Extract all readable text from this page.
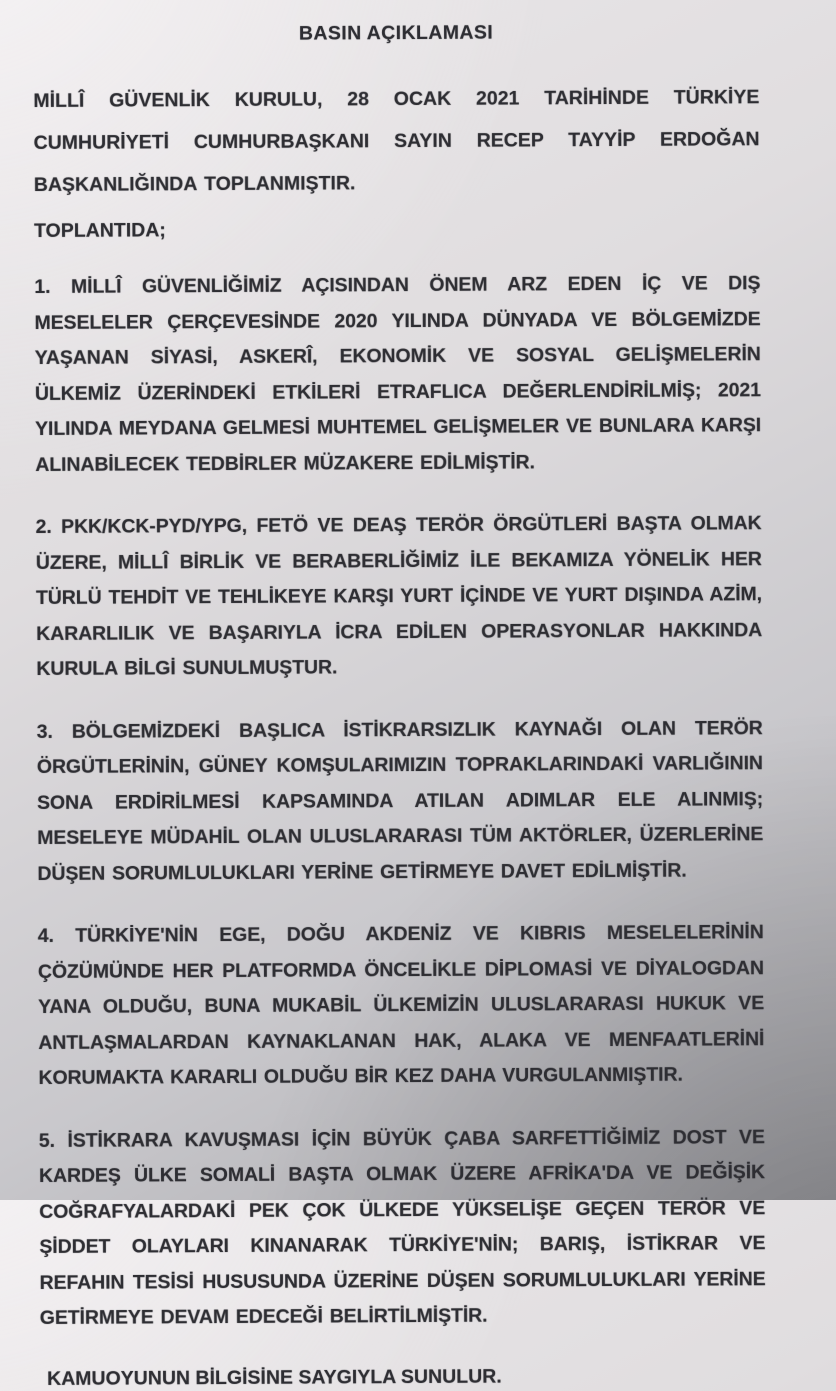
BASIN AÇIKLAMASI

MİLLÎ GÜVENLİK KURULU, 28 OCAK 2021 TARİHİNDE TÜRKİYE CUMHURİYETİ CUMHURBAŞKANI SAYIN RECEP TAYYİP ERDOĞAN BAŞKANLIĞINDA TOPLANMIŞTIR.

TOPLANTIDA;

1. MİLLÎ GÜVENLİĞİMİZ AÇISINDAN ÖNEM ARZ EDEN İÇ VE DIŞ MESELELER ÇERÇEVESİNDE 2020 YILINDA DÜNYADA VE BÖLGEMİZDE YAŞANAN SİYASİ, ASKERÎ, EKONOMİK VE SOSYAL GELİŞMELERİN ÜLKEMİZ ÜZERİNDEKİ ETKİLERİ ETRAFLICA DEĞERLENDİRİLMİŞ; 2021 YILINDA MEYDANA GELMESİ MUHTEMEL GELİŞMELER VE BUNLARA KARŞI ALINABİLECEK TEDBİRLER MÜZAKERE EDİLMİŞTİR.

2. PKK/KCK-PYD/YPG, FETÖ VE DEAŞ TERÖR ÖRGÜTLERİ BAŞTA OLMAK ÜZERE, MİLLÎ BİRLİK VE BERABERLİĞİMİZ İLE BEKAMIZA YÖNELİK HER TÜRLÜ TEHDİT VE TEHLİKEYE KARŞI YURT İÇİNDE VE YURT DIŞINDA AZİM, KARARLILIK VE BAŞARIYLA İCRA EDİLEN OPERASYONLAR HAKKINDA KURULA BİLGİ SUNULMUŞTUR.

3. BÖLGEMİZDEKİ BAŞLICA İSTİKRARSIZLIK KAYNAĞI OLAN TERÖR ÖRGÜTLERİNİN, GÜNEY KOMŞULARIMIZIN TOPRAKLARINDAKİ VARLIĞININ SONA ERDİRİLMESİ KAPSAMINDA ATILAN ADIMLAR ELE ALINMIŞ; MESELEYE MÜDAHİL OLAN ULUSLARARASI TÜM AKTÖRLER, ÜZERLERİNE DÜŞEN SORUMLULUKLARI YERİNE GETİRMEYE DAVET EDİLMİŞTİR.

4. TÜRKİYE'NİN EGE, DOĞU AKDENİZ VE KIBRIS MESELELERİNİN ÇÖZÜMÜNDE HER PLATFORMDA ÖNCELİKLE DİPLOMASİ VE DİYALOGDAN YANA OLDUĞU, BUNA MUKABİL ÜLKEMİZİN ULUSLARARASI HUKUK VE ANTLAŞMALARDAN KAYNAKLANAN HAK, ALAKA VE MENFAATLERİNİ KORUMAKTA KARARLI OLDUĞU BİR KEZ DAHA VURGULANMIŞTIR.

5. İSTİKRARA KAVUŞMASI İÇİN BÜYÜK ÇABA SARFETTİĞİMİZ DOST VE KARDEŞ ÜLKE SOMALİ BAŞTA OLMAK ÜZERE AFRİKA'DA VE DEĞİŞİK COĞRAFYALARDAKİ PEK ÇOK ÜLKEDE YÜKSELİŞE GEÇEN TERÖR VE ŞİDDET OLAYLARI KINANARAK TÜRKİYE'NİN; BARIŞ, İSTİKRAR VE REFAHIN TESİSİ HUSUSUNDA ÜZERİNE DÜŞEN SORUMLULUKLARI YERİNE GETİRMEYE DEVAM EDECEĞİ BELİRTİLMİŞTİR.

KAMUOYUNUN BİLGİSİNE SAYGIYLA SUNULUR.
